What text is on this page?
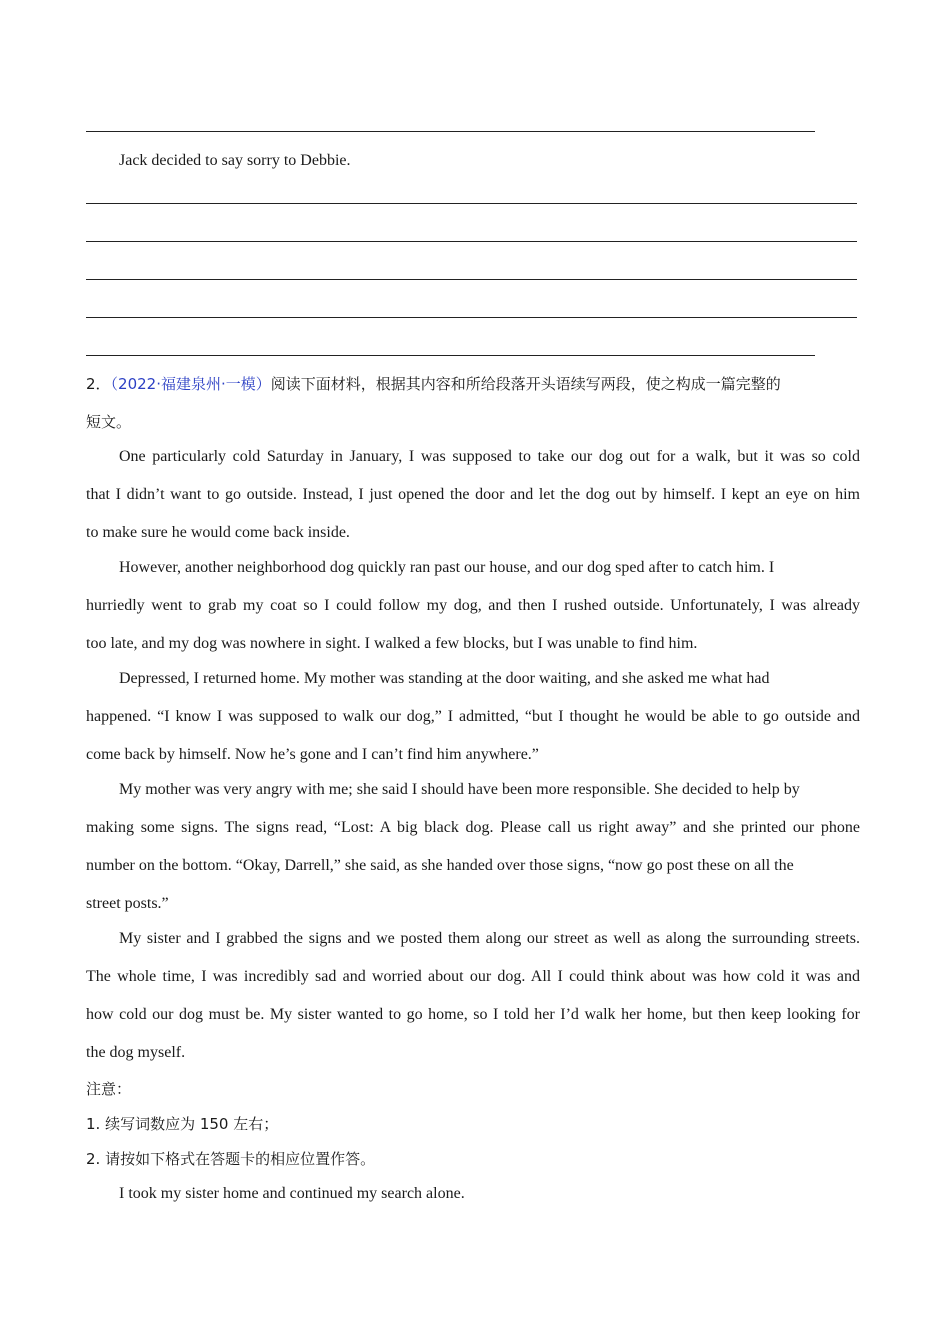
Jack decided to say sorry to Debbie.
2．（2022·福建泉州·一模）阅读下面材料，根据其内容和所给段落开头语续写两段，使之构成一篇完整的
短文。
One particularly cold Saturday in January, I was supposed to take our dog out for a walk, but it was so cold
that I didn’t want to go outside. Instead, I just opened the door and let the dog out by himself. I kept an eye on him
to make sure he would come back inside.
However, another neighborhood dog quickly ran past our house, and our dog sped after to catch him. I
hurriedly went to grab my coat so I could follow my dog, and then I rushed outside. Unfortunately, I was already
too late, and my dog was nowhere in sight. I walked a few blocks, but I was unable to find him.
Depressed, I returned home. My mother was standing at the door waiting, and she asked me what had
happened. “I know I was supposed to walk our dog,” I admitted, “but I thought he would be able to go outside and
come back by himself. Now he’s gone and I can’t find him anywhere.”
My mother was very angry with me; she said I should have been more responsible. She decided to help by
making some signs. The signs read, “Lost: A big black dog. Please call us right away” and she printed our phone
number on the bottom. “Okay, Darrell,” she said, as she handed over those signs, “now go post these on all the
street posts.”
My sister and I grabbed the signs and we posted them along our street as well as along the surrounding streets.
The whole time, I was incredibly sad and worried about our dog. All I could think about was how cold it was and
how cold our dog must be. My sister wanted to go home, so I told her I’d walk her home, but then keep looking for
the dog myself.
注意：
1. 续写词数应为 150 左右；
2. 请按如下格式在答题卡的相应位置作答。
I took my sister home and continued my search alone.
